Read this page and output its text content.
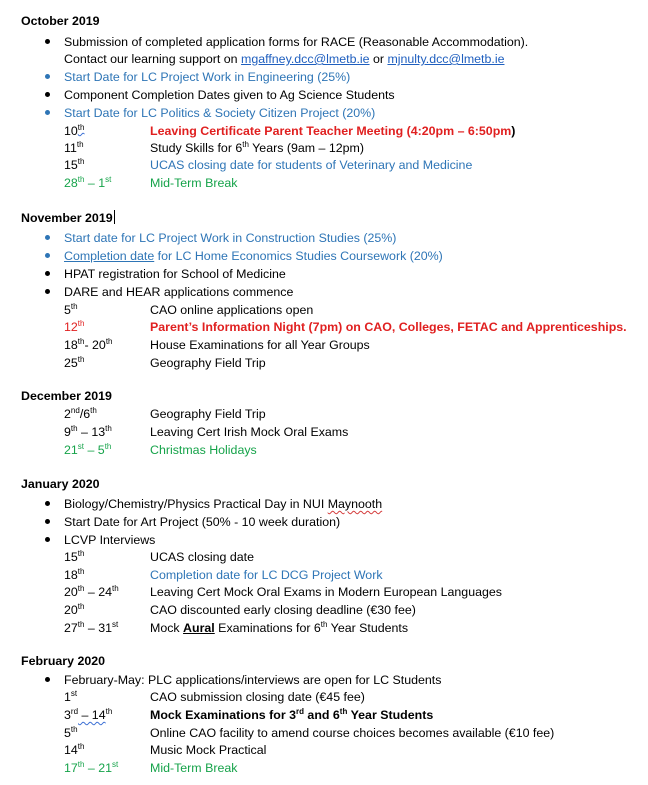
October 2019
Submission of completed application forms for RACE (Reasonable Accommodation).
Contact our learning support on mgaffney.dcc@lmetb.ie or mjnulty.dcc@lmetb.ie
Start Date for LC Project Work in Engineering (25%)
Component Completion Dates given to Ag Science Students
Start Date for LC Politics & Society Citizen Project (20%)
10th	Leaving Certificate Parent Teacher Meeting (4:20pm – 6:50pm)
11th	Study Skills for 6th Years (9am – 12pm)
15th	UCAS closing date for students of Veterinary and Medicine
28th – 1st	Mid-Term Break
November 2019
Start date for LC Project Work in Construction Studies (25%)
Completion date for LC Home Economics Studies Coursework (20%)
HPAT registration for School of Medicine
DARE and HEAR applications commence
5th	CAO online applications open
12th	Parent’s Information Night (7pm) on CAO, Colleges, FETAC and Apprenticeships.
18th- 20th	House Examinations for all Year Groups
25th	Geography Field Trip
December 2019
2nd/6th	Geography Field Trip
9th – 13th	Leaving Cert Irish Mock Oral Exams
21st – 5th	Christmas Holidays
January 2020
Biology/Chemistry/Physics Practical Day in NUI Maynooth
Start Date for Art Project (50% - 10 week duration)
LCVP Interviews
15th	UCAS closing date
18th	Completion date for LC DCG Project Work
20th – 24th	Leaving Cert Mock Oral Exams in Modern European Languages
20th	CAO discounted early closing deadline (€30 fee)
27th – 31st	Mock Aural Examinations for 6th Year Students
February 2020
February-May: PLC applications/interviews are open for LC Students
1st	CAO submission closing date (€45 fee)
3rd – 14th	Mock Examinations for 3rd and 6th Year Students
5th	Online CAO facility to amend course choices becomes available (€10 fee)
14th	Music Mock Practical
17th – 21st	Mid-Term Break
